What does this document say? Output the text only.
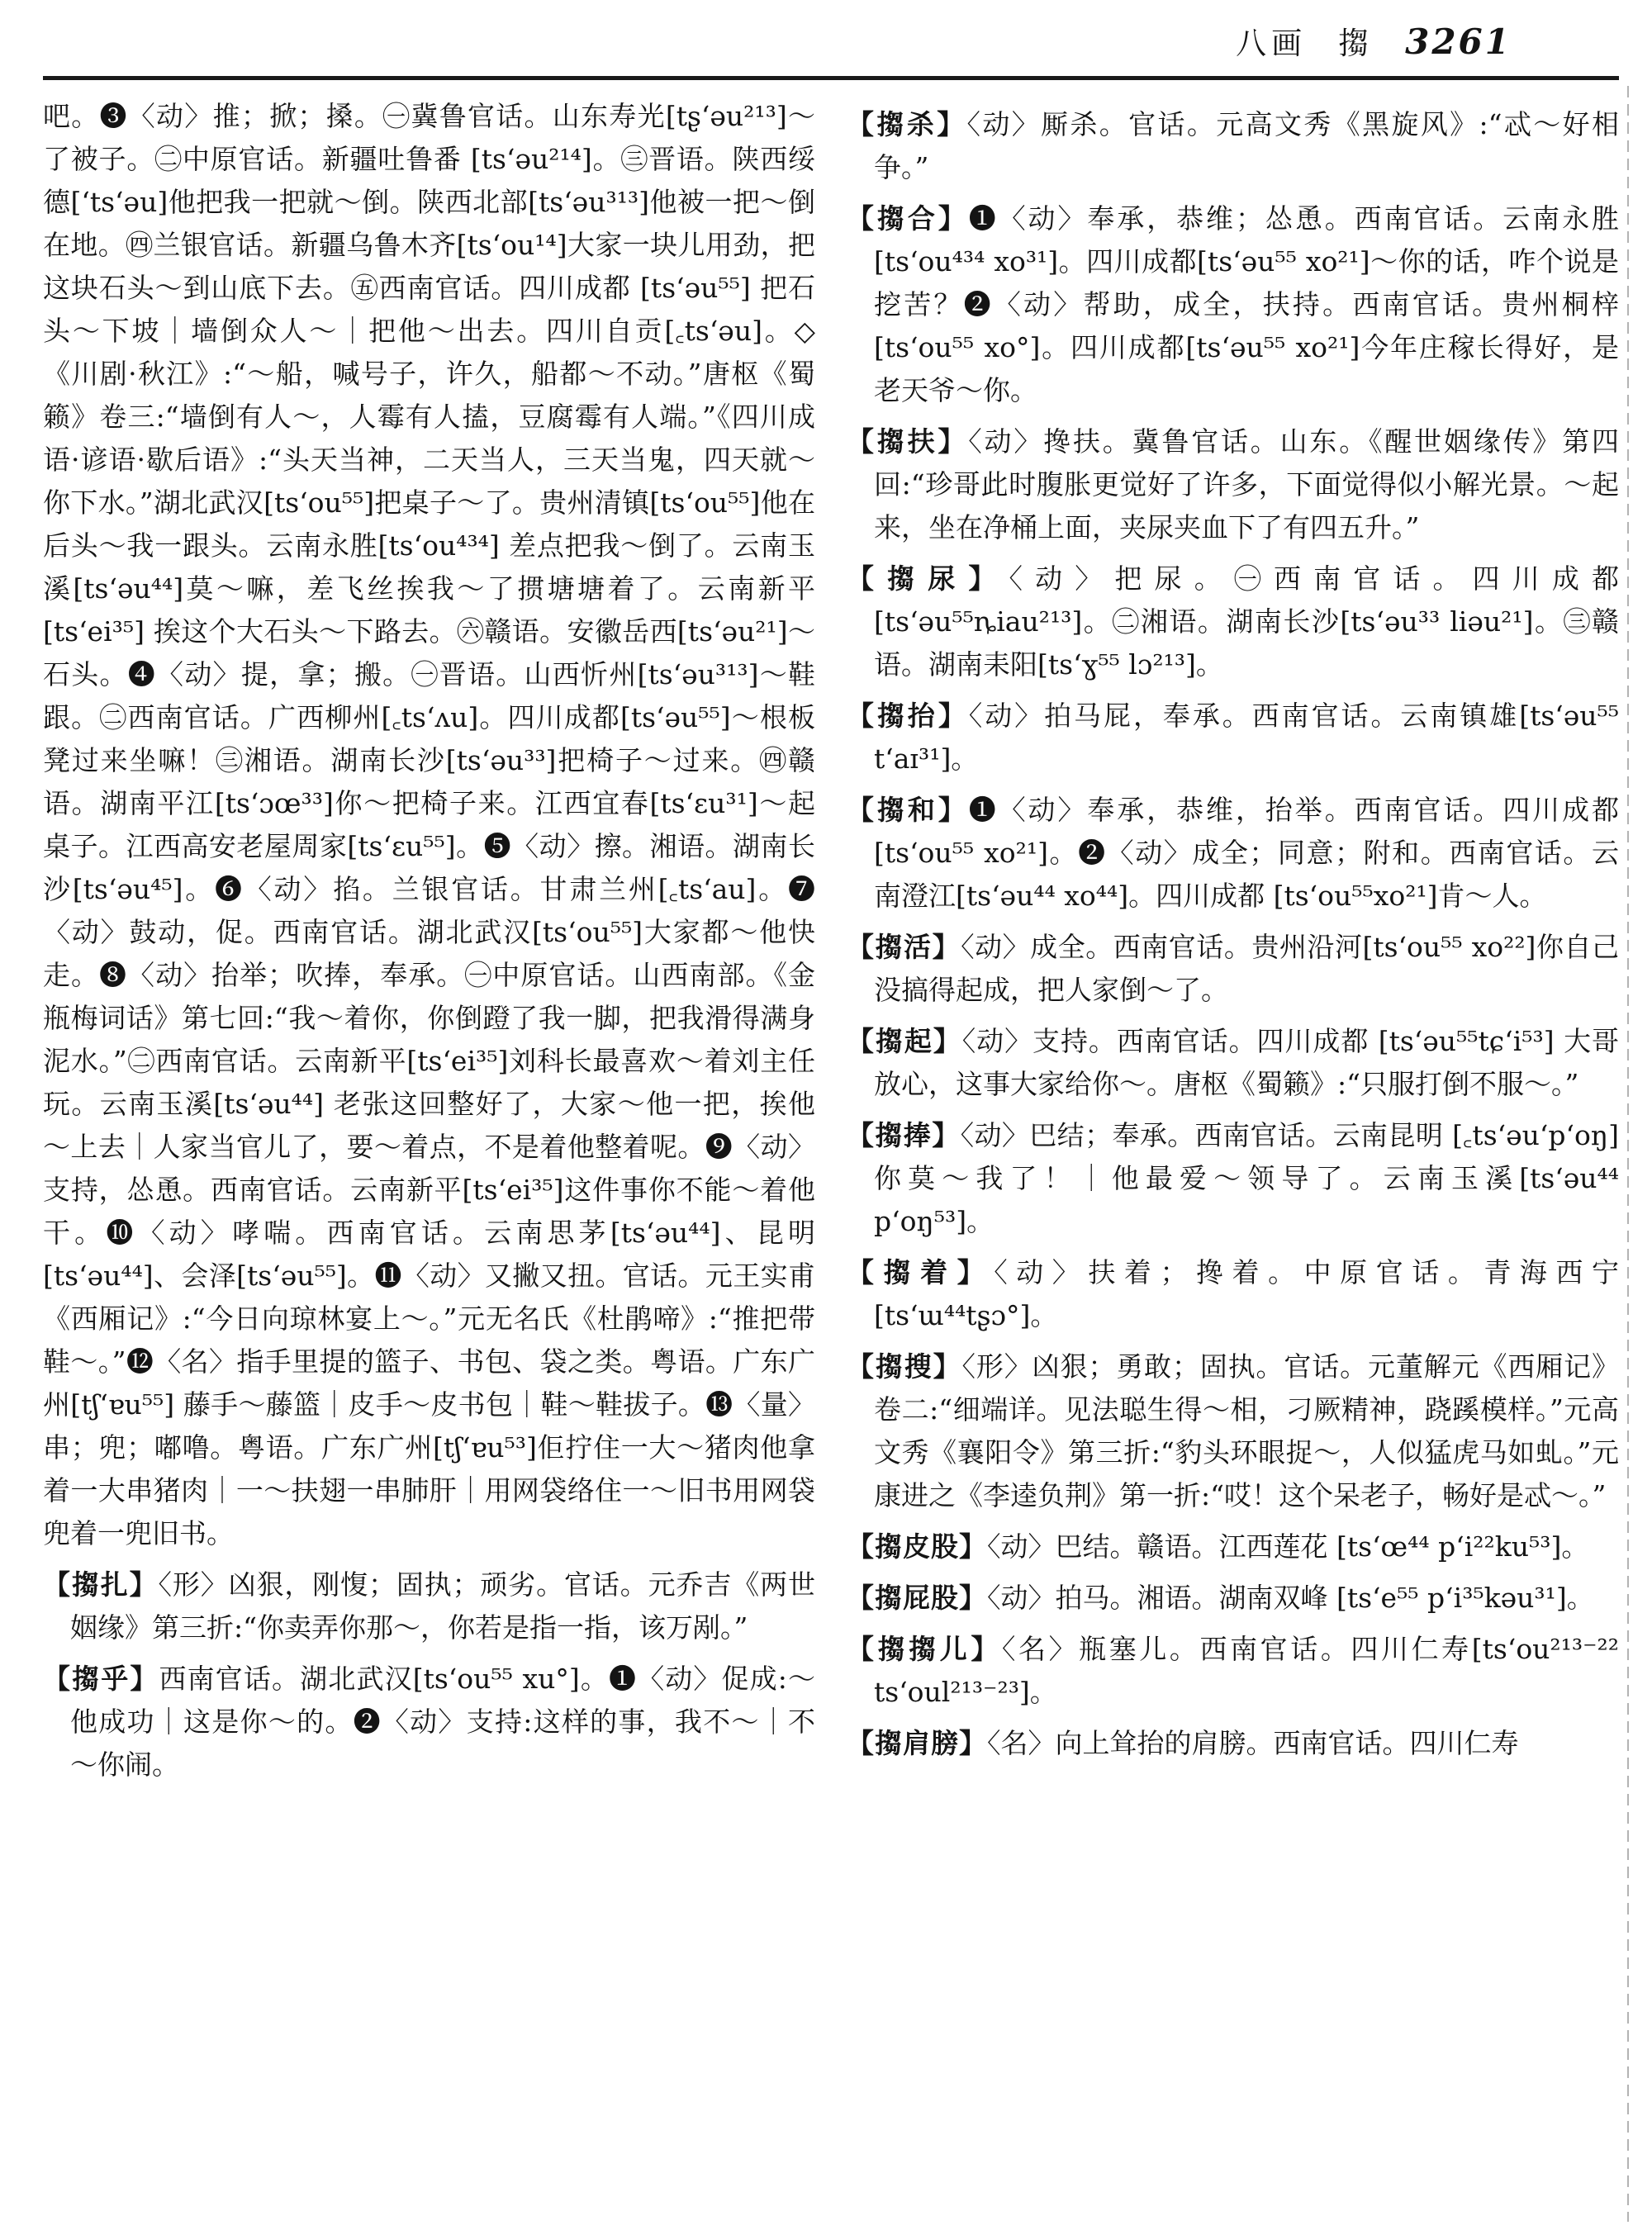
八画 搊 3261

吧。❸〈动〉推；掀；搡。㊀冀鲁官话。山东寿光[tʂ‘əu²¹³]～了被子。㊁中原官话。新疆吐鲁番 [ts‘əu²¹⁴]。㊂晋语。陕西绥德[‘ts‘əu]他把我一把就～倒。陕西北部[ts‘əu³¹³]他被一把～倒在地。㊃兰银官话。新疆乌鲁木齐[ts‘ou¹⁴]大家一块儿用劲，把这块石头～到山底下去。㊄西南官话。四川成都 [ts‘əu⁵⁵] 把石头～下坡｜墙倒众人～｜把他～出去。四川自贡[꜀ts‘əu]。◇《川剧·秋江》:“～船，喊号子，许久，船都～不动。”唐枢《蜀籁》卷三:“墙倒有人～，人霉有人搕，豆腐霉有人端。”《四川成语·谚语·歇后语》:“头天当神，二天当人，三天当鬼，四天就～你下水。”湖北武汉[ts‘ou⁵⁵]把桌子～了。贵州清镇[ts‘ou⁵⁵]他在后头～我一跟头。云南永胜[ts‘ou⁴³⁴] 差点把我～倒了。云南玉溪[ts‘əu⁴⁴]莫～嘛，差飞丝挨我～了掼塘塘着了。云南新平[ts‘ei³⁵] 挨这个大石头～下路去。㊅赣语。安徽岳西[ts‘əu²¹]～石头。❹〈动〉提，拿；搬。㊀晋语。山西忻州[ts‘əu³¹³]～鞋跟。㊁西南官话。广西柳州[꜀ts‘ʌu]。四川成都[ts‘əu⁵⁵]～根板凳过来坐嘛！㊂湘语。湖南长沙[ts‘əu³³]把椅子～过来。㊃赣语。湖南平江[ts‘ɔœ³³]你～把椅子来。江西宜春[ts‘ɛu³¹]～起桌子。江西高安老屋周家[ts‘ɛu⁵⁵]。❺〈动〉擦。湘语。湖南长沙[ts‘əu⁴⁵]。❻〈动〉掐。兰银官话。甘肃兰州[꜀ts‘au]。❼〈动〉鼓动，促。西南官话。湖北武汉[ts‘ou⁵⁵]大家都～他快走。❽〈动〉抬举；吹捧，奉承。㊀中原官话。山西南部。《金瓶梅词话》第七回:“我～着你，你倒蹬了我一脚，把我滑得满身泥水。”㊁西南官话。云南新平[ts‘ei³⁵]刘科长最喜欢～着刘主任玩。云南玉溪[ts‘əu⁴⁴] 老张这回整好了，大家～他一把，挨他～上去｜人家当官儿了，要～着点，不是着他整着呢。❾〈动〉支持，怂恿。西南官话。云南新平[ts‘ei³⁵]这件事你不能～着他干。❿〈动〉哮喘。西南官话。云南思茅[ts‘əu⁴⁴]、昆明[ts‘əu⁴⁴]、会泽[ts‘əu⁵⁵]。⓫〈动〉又撇又扭。官话。元王实甫《西厢记》:“今日向琼林宴上～。”元无名氏《杜鹃啼》:“推把带鞋～。”⓬〈名〉指手里提的篮子、书包、袋之类。粤语。广东广州[tʃ‘ɐu⁵⁵] 藤手～藤篮｜皮手～皮书包｜鞋～鞋拔子。⓭〈量〉串；兜；嘟噜。粤语。广东广州[tʃ‘ɐu⁵³]佢拧住一大～猪肉他拿着一大串猪肉｜一～扶翅一串肺肝｜用网袋络住一～旧书用网袋兜着一兜旧书。

【搊扎】〈形〉凶狠，刚愎；固执；顽劣。官话。元乔吉《两世姻缘》第三折:“你卖弄你那～，你若是指一指，该万剐。”

【搊乎】西南官话。湖北武汉[ts‘ou⁵⁵ xu°]。❶〈动〉促成:～他成功｜这是你～的。❷〈动〉支持:这样的事，我不～｜不～你闹。

【搊杀】〈动〉厮杀。官话。元高文秀《黑旋风》:“忒～好相争。”

【搊合】❶〈动〉奉承，恭维；怂恿。西南官话。云南永胜[ts‘ou⁴³⁴ xo³¹]。四川成都[ts‘əu⁵⁵ xo²¹]～你的话，咋个说是挖苦？❷〈动〉帮助，成全，扶持。西南官话。贵州桐梓[ts‘ou⁵⁵ xo°]。四川成都[ts‘əu⁵⁵ xo²¹]今年庄稼长得好，是老天爷～你。

【搊扶】〈动〉搀扶。冀鲁官话。山东。《醒世姻缘传》第四回:“珍哥此时腹胀更觉好了许多，下面觉得似小解光景。～起来，坐在净桶上面，夹尿夹血下了有四五升。”

【搊尿】〈动〉把尿。㊀西南官话。四川成都 [ts‘əu⁵⁵ȵiau²¹³]。㊁湘语。湖南长沙[ts‘əu³³ liəu²¹]。㊂赣语。湖南耒阳[ts‘ɣ⁵⁵ lɔ²¹³]。

【搊抬】〈动〉拍马屁，奉承。西南官话。云南镇雄[ts‘əu⁵⁵ t‘aɪ³¹]。

【搊和】❶〈动〉奉承，恭维，抬举。西南官话。四川成都[ts‘ou⁵⁵ xo²¹]。❷〈动〉成全；同意；附和。西南官话。云南澄江[ts‘əu⁴⁴ xo⁴⁴]。四川成都 [ts‘ou⁵⁵xo²¹]肯～人。

【搊活】〈动〉成全。西南官话。贵州沿河[ts‘ou⁵⁵ xo²²]你自己没搞得起成，把人家倒～了。

【搊起】〈动〉支持。西南官话。四川成都 [ts‘əu⁵⁵tɕ‘i⁵³] 大哥放心，这事大家给你～。唐枢《蜀籁》:“只服打倒不服～。”

【搊捧】〈动〉巴结；奉承。西南官话。云南昆明 [꜀ts‘əu‘p‘oŋ] 你莫～我了！｜他最爱～领导了。云南玉溪[ts‘əu⁴⁴ p‘oŋ⁵³]。

【搊着】〈动〉扶着；搀着。中原官话。青海西宁 [ts‘ɯ⁴⁴tʂɔ°]。

【搊搜】〈形〉凶狠；勇敢；固执。官话。元董解元《西厢记》卷二:“细端详。见法聪生得～相，刁厥精神，跷蹊模样。”元高文秀《襄阳令》第三折:“豹头环眼捉～，人似猛虎马如虬。”元康进之《李逵负荆》第一折:“哎！这个呆老子，畅好是忒～。”

【搊皮股】〈动〉巴结。赣语。江西莲花 [ts‘œ⁴⁴ p‘i²²ku⁵³]。

【搊屁股】〈动〉拍马。湘语。湖南双峰 [ts‘e⁵⁵ p‘i³⁵kəu³¹]。

【搊搊儿】〈名〉瓶塞儿。西南官话。四川仁寿[ts‘ou²¹³⁻²² ts‘oul²¹³⁻²³]。

【搊肩膀】〈名〉向上耸抬的肩膀。西南官话。四川仁寿
